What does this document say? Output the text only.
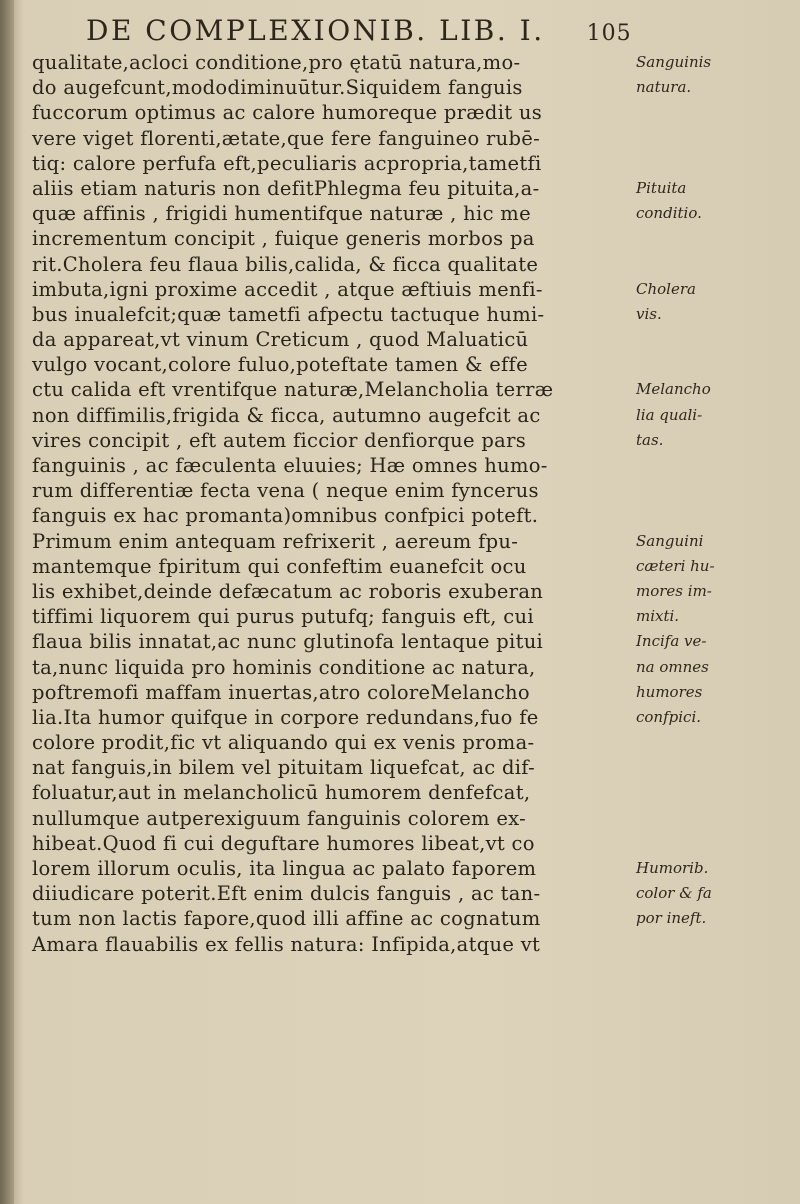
DE COMPLEXIONIB. LIB. I. 105
qualitate,acloci conditione,pro ętatū natura,mo-
do augefcunt,mododiminuūtur.Siquidem fanguis
fuccorum optimus ac calore humoreque prædit us
vere viget florenti,ætate,que fere fanguineo rubē-
tiq: calore perfufa eft,peculiaris acpropria,tametfi
aliis etiam naturis non defitPhlegma feu pituita,a-
quæ affinis , frigidi humentifque naturæ , hic me
incrementum concipit , fuique generis morbos pa
rit.Cholera feu flaua bilis,calida, & ficca qualitate
imbuta,igni proxime accedit , atque æftiuis menfi-
bus inualefcit;quæ tametfi afpectu tactuque humi-
da appareat,vt vinum Creticum , quod Maluaticū
vulgo vocant,colore fuluo,poteftate tamen & effe
ctu calida eft vrentifque naturæ,Melancholia terræ
non diffimilis,frigida & ficca, autumno augefcit ac
vires concipit , eft autem ficcior denfiorque pars
fanguinis , ac fæculenta eluuies; Hæ omnes humo-
rum differentiæ fecta vena ( neque enim fyncerus
fanguis ex hac promanta)omnibus confpici poteft.
Primum enim antequam refrixerit , aereum fpu-
mantemque fpiritum qui confeftim euanefcit ocu
lis exhibet,deinde defæcatum ac roboris exuberan
tiffimi liquorem qui purus putufq; fanguis eft, cui
flaua bilis innatat,ac nunc glutinofa lentaque pitui
ta,nunc liquida pro hominis conditione ac natura,
poftremofi maffam inuertas,atro coloreMelancho
lia.Ita humor quifque in corpore redundans,fuo fe
colore prodit,fic vt aliquando qui ex venis proma-
nat fanguis,in bilem vel pituitam liquefcat, ac dif-
foluatur,aut in melancholicū humorem denfefcat,
nullumque autperexiguum fanguinis colorem ex-
hibeat.Quod fi cui deguftare humores libeat,vt co
lorem illorum oculis, ita lingua ac palato faporem
diiudicare poterit.Eft enim dulcis fanguis , ac tan-
tum non lactis fapore,quod illi affine ac cognatum
Amara flauabilis ex fellis natura: Infipida,atque vt
Sanguinis
natura.
Pituita
conditio.
Cholera
vis.
Melancho
lia quali-
tas.
Sanguini
cæteri hu-
mores im-
mixti.
Incifa ve-
na omnes
humores
confpici.
Humorib.
color & fa
por ineft.
